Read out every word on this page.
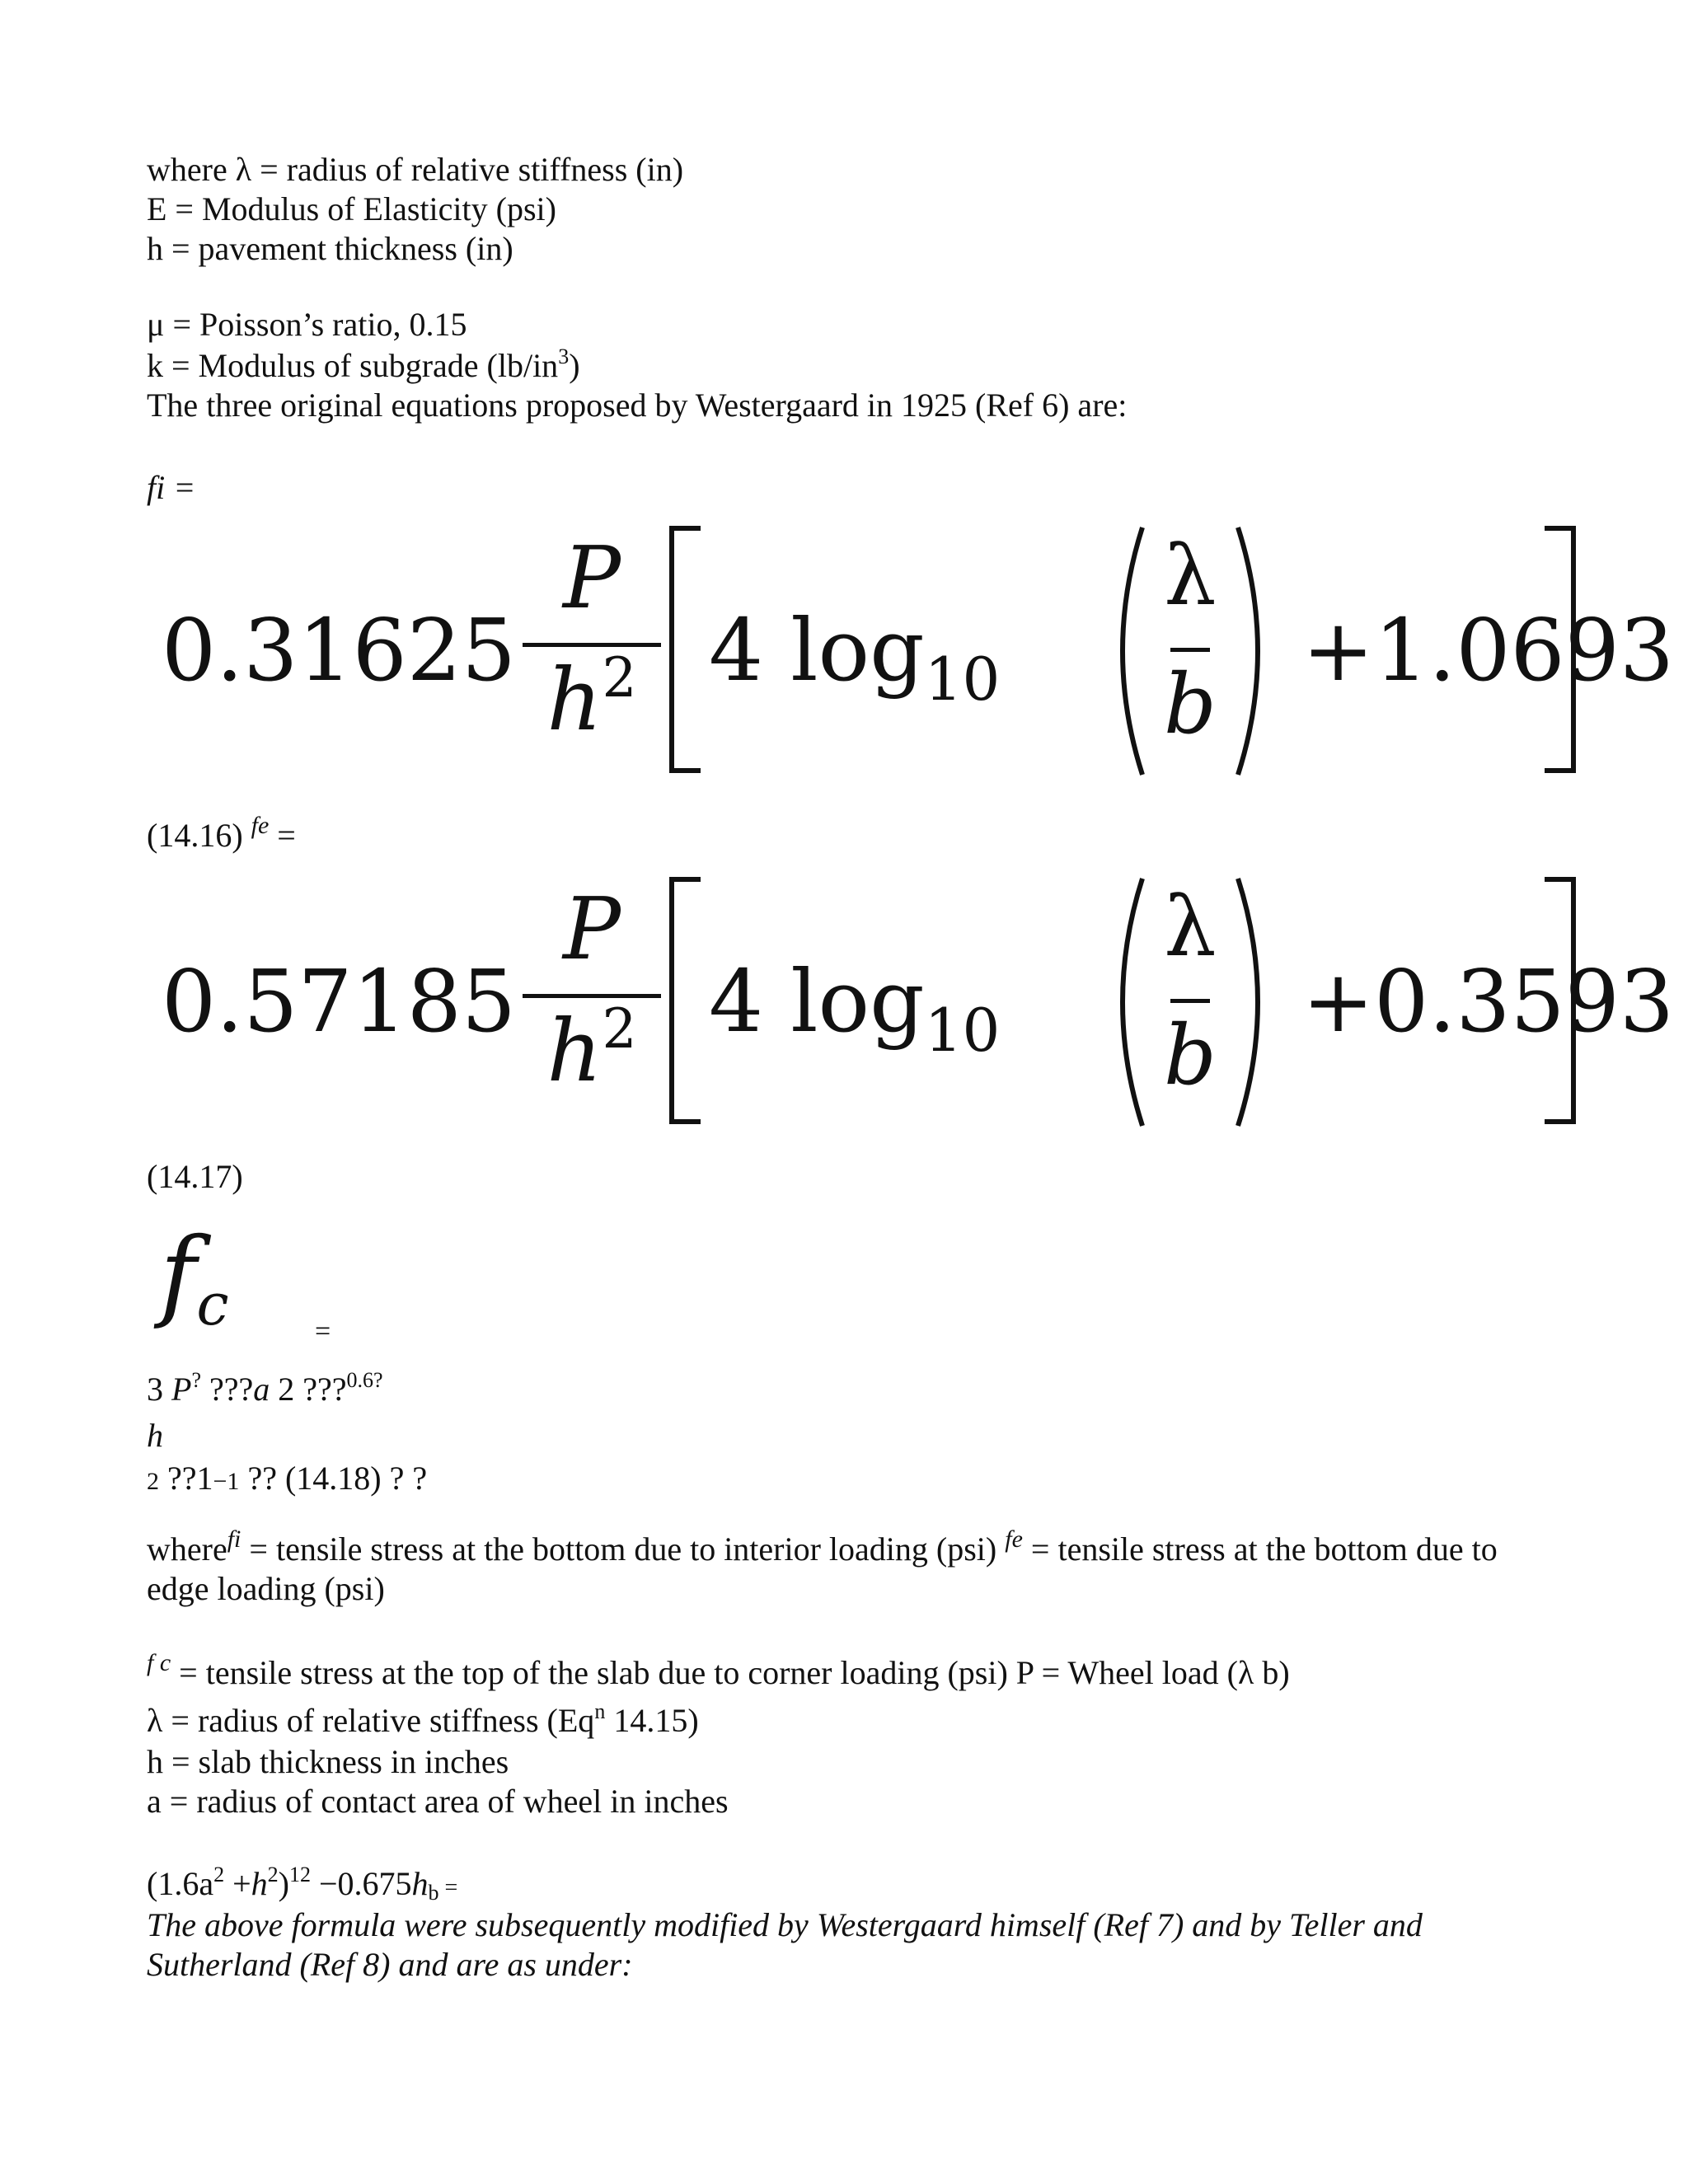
where λ = radius of relative stiffness (in)
E = Modulus of Elasticity (psi)
h = pavement thickness (in)
μ = Poisson’s ratio, 0.15
k = Modulus of subgrade $(lb/in^3)$
The three original equations proposed by Westergaard in 1925 (Ref 6) are:
fi =
0.31625
P
$h^2$ 4 $\log_{10}$
λ
b
+1.0693
(14.16) $^{fe}$ =
0.57185
P
$h^2$ 4 $\log_{10}$
λ
b
+0.3593
(14.17)
$f_c$	=
3 P? ???a 2 ???$^{0.6?}$
h
2 ??1−1 ?? (14.18) ? ?
where$^{fi}$ = tensile stress at the bottom due to interior loading (psi) $^{fe}$ = tensile stress at the bottom due to
edge loading (psi)
$^{f c}$ = tensile stress at the top of the slab due to corner loading (psi) P = Wheel load (λ b)
λ = radius of relative stiffness (Eq$^n$ 14.15)
h = slab thickness in inches
a = radius of contact area of wheel in inches
$(1.6a^2 +h^2)^{12} -0.675h_b$ =
The above formula were subsequently modified by Westergaard himself (Ref 7) and by Teller and
Sutherland (Ref 8) and are as under:
